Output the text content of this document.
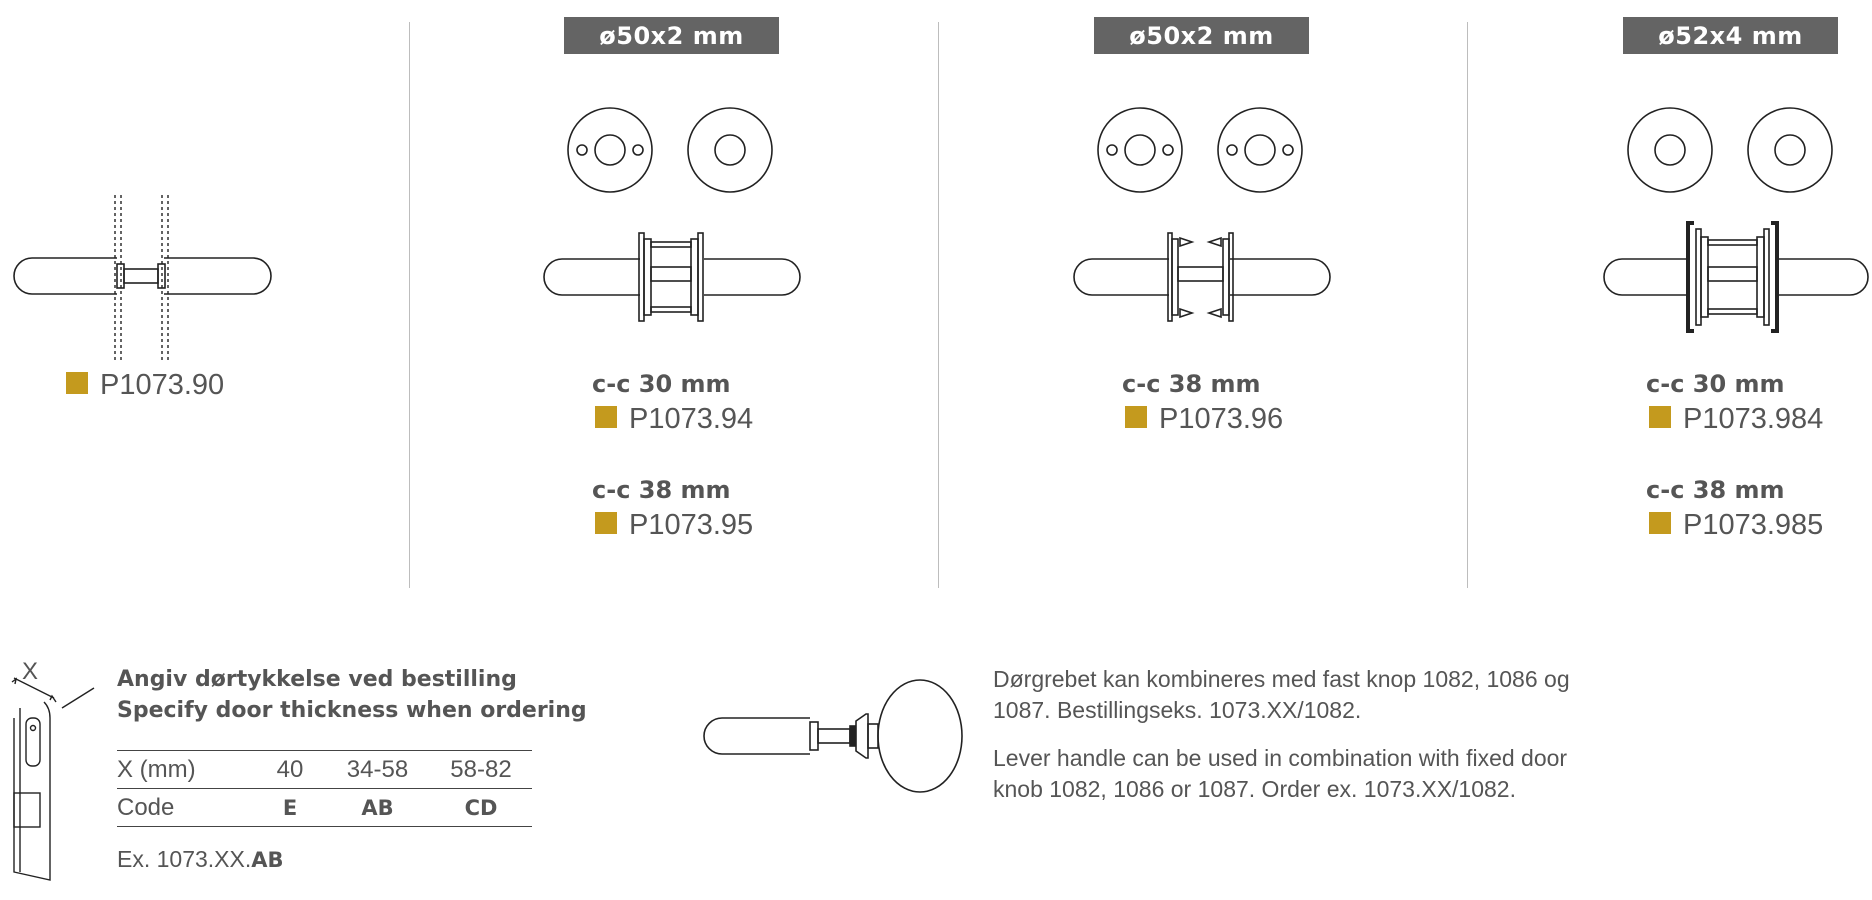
P1073.90
ø50x2 mm
c-c 30 mm
P1073.94
c-c 38 mm
P1073.95
ø50x2 mm
c-c 38 mm
P1073.96
ø52x4 mm
c-c 30 mm
P1073.984
c-c 38 mm
P1073.985
X	Angiv dørtykkelse ved bestilling
Specify door thickness when ordering
X (mm)	40	34-58	58-82
Code	E	AB	CD
Ex. 1073.XX.AB
Dørgrebet kan kombineres med fast knop 1082, 1086 og 1087. Bestillingseks. 1073.XX/1082.
Lever handle can be used in combination with fixed door knob 1082, 1086 or 1087. Order ex. 1073.XX/1082.
